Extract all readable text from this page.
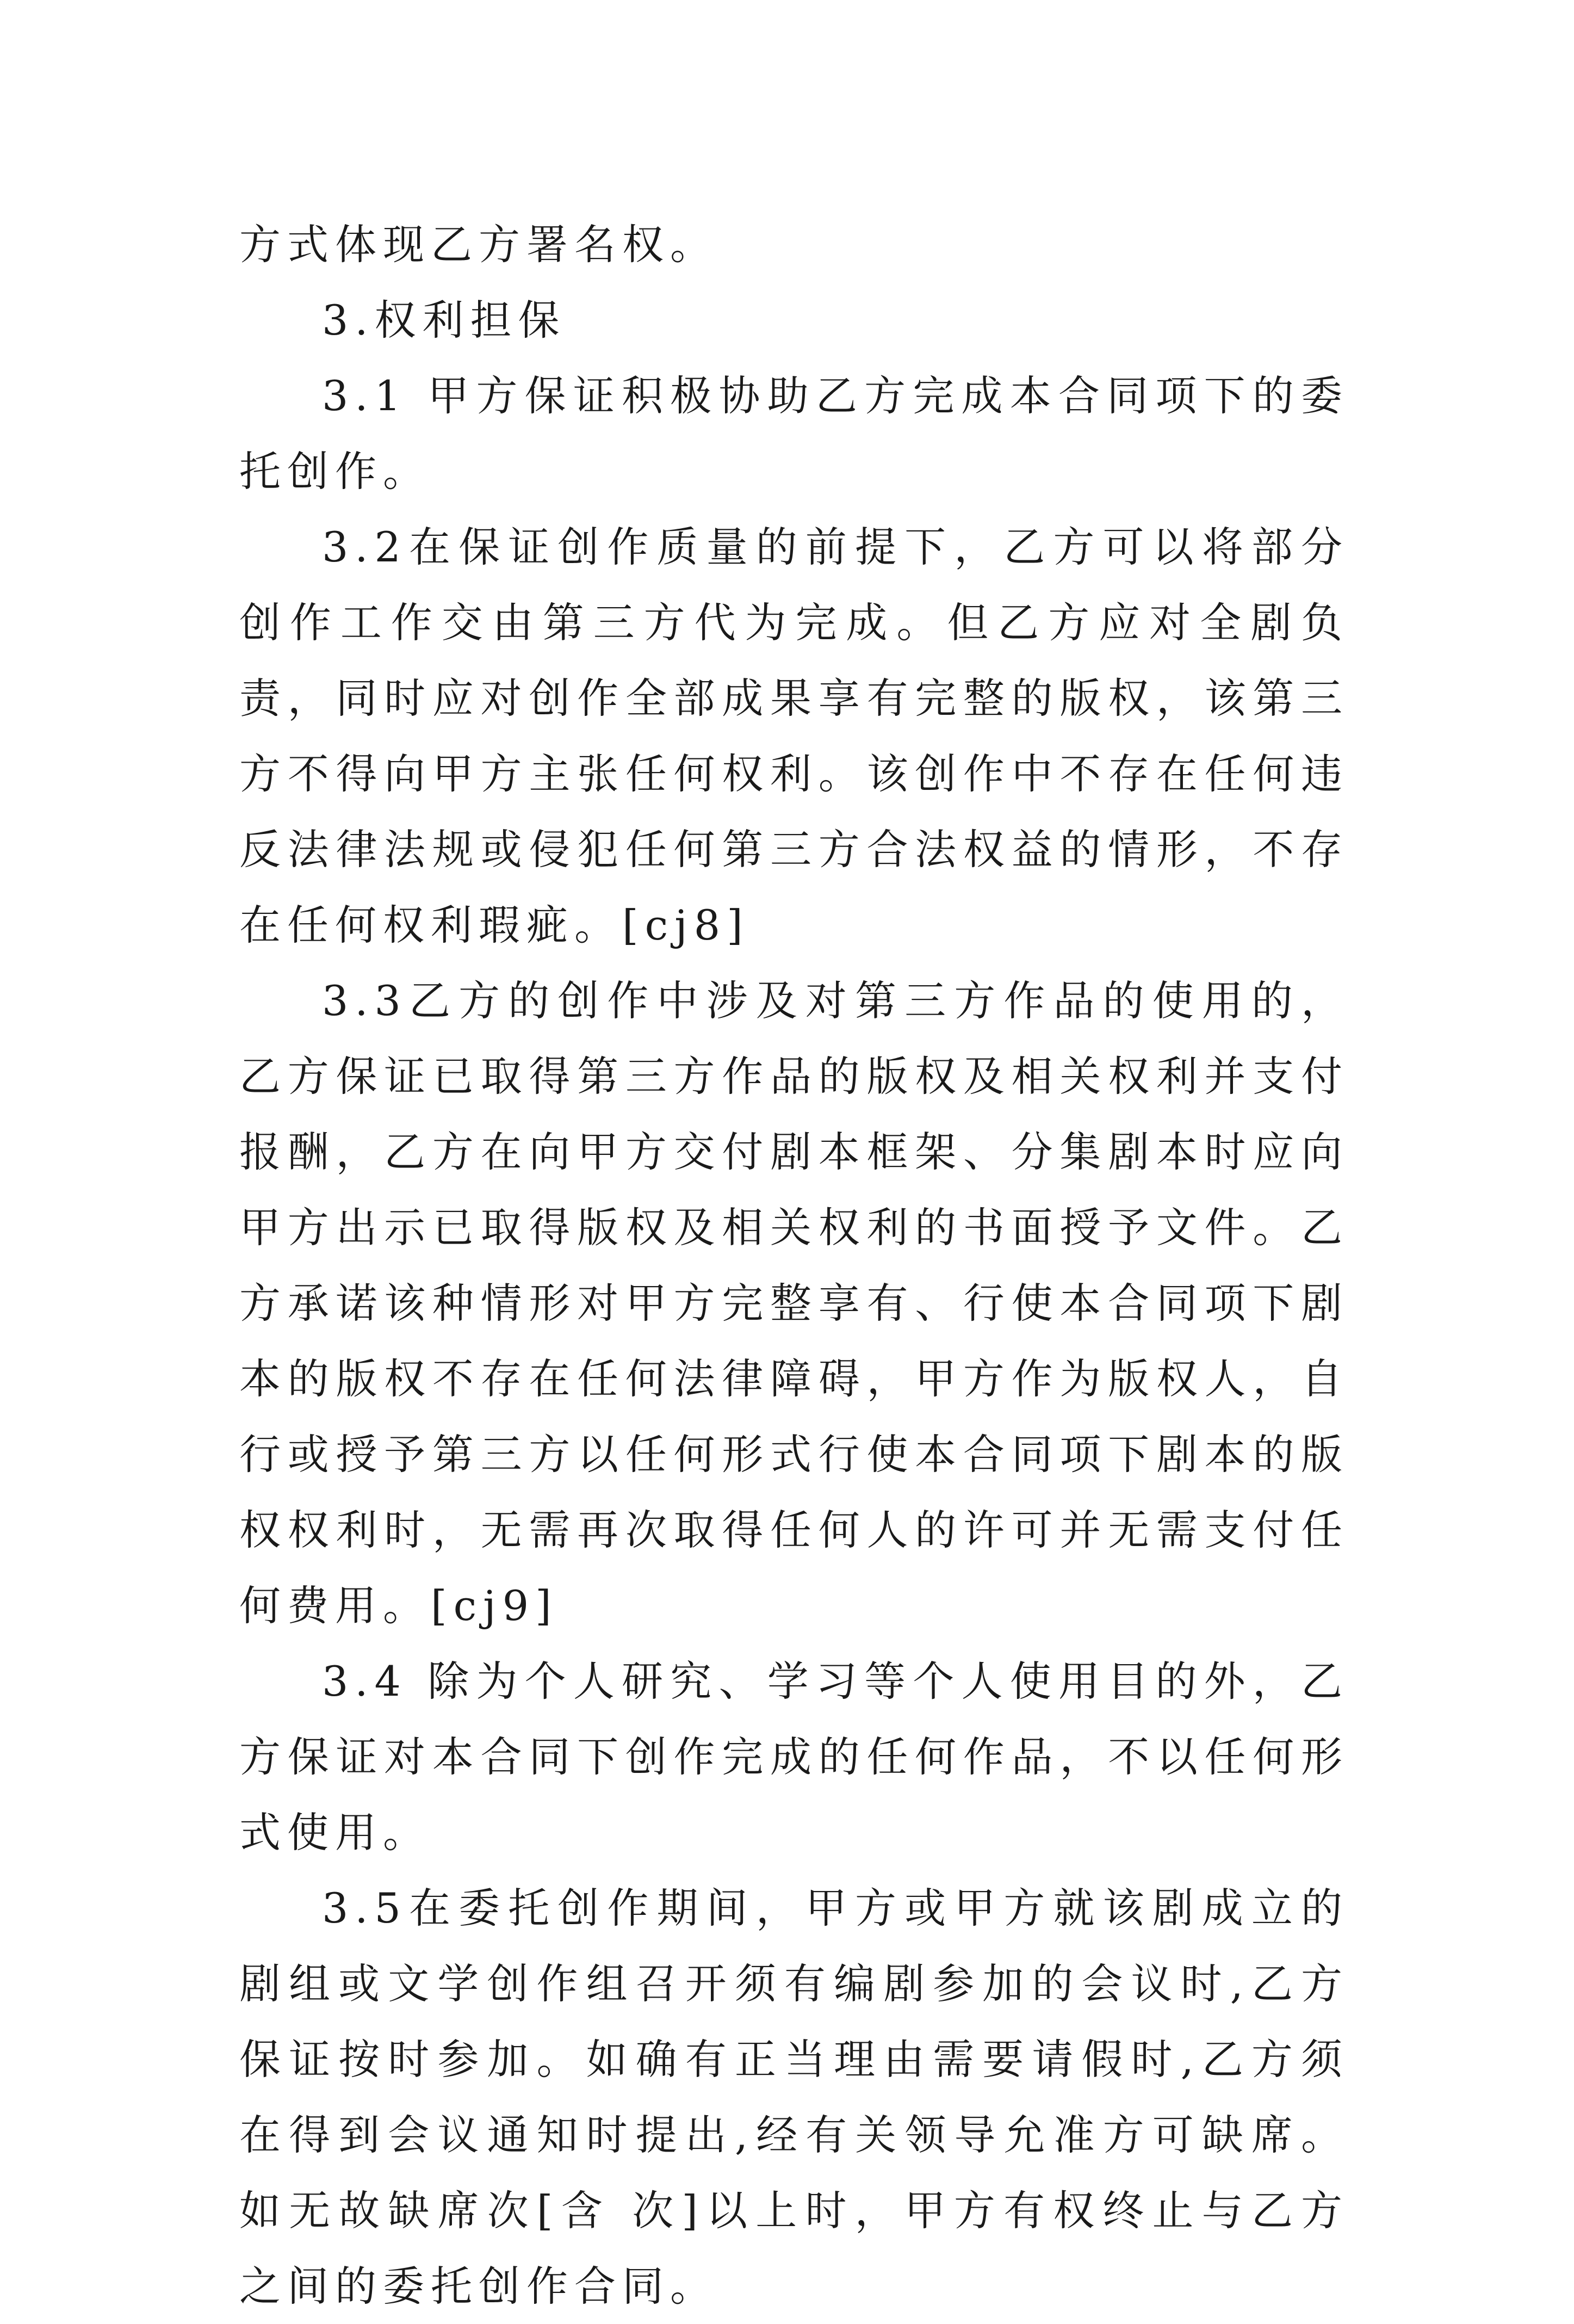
方式体现乙方署名权。

3.权利担保

3.1 甲方保证积极协助乙方完成本合同项下的委托创作。

3.2在保证创作质量的前提下，乙方可以将部分创作工作交由第三方代为完成。但乙方应对全剧负责，同时应对创作全部成果享有完整的版权，该第三方不得向甲方主张任何权利。该创作中不存在任何违反法律法规或侵犯任何第三方合法权益的情形，不存在任何权利瑕疵。[cj8]

3.3乙方的创作中涉及对第三方作品的使用的，乙方保证已取得第三方作品的版权及相关权利并支付报酬，乙方在向甲方交付剧本框架、分集剧本时应向甲方出示已取得版权及相关权利的书面授予文件。乙方承诺该种情形对甲方完整享有、行使本合同项下剧本的版权不存在任何法律障碍，甲方作为版权人，自行或授予第三方以任何形式行使本合同项下剧本的版权权利时，无需再次取得任何人的许可并无需支付任何费用。[cj9]

3.4 除为个人研究、学习等个人使用目的外，乙方保证对本合同下创作完成的任何作品，不以任何形式使用。

3.5在委托创作期间，甲方或甲方就该剧成立的剧组或文学创作组召开须有编剧参加的会议时,乙方保证按时参加。如确有正当理由需要请假时,乙方须在得到会议通知时提出,经有关领导允准方可缺席。如无故缺席次[含 次]以上时，甲方有权终止与乙方之间的委托创作合同。
